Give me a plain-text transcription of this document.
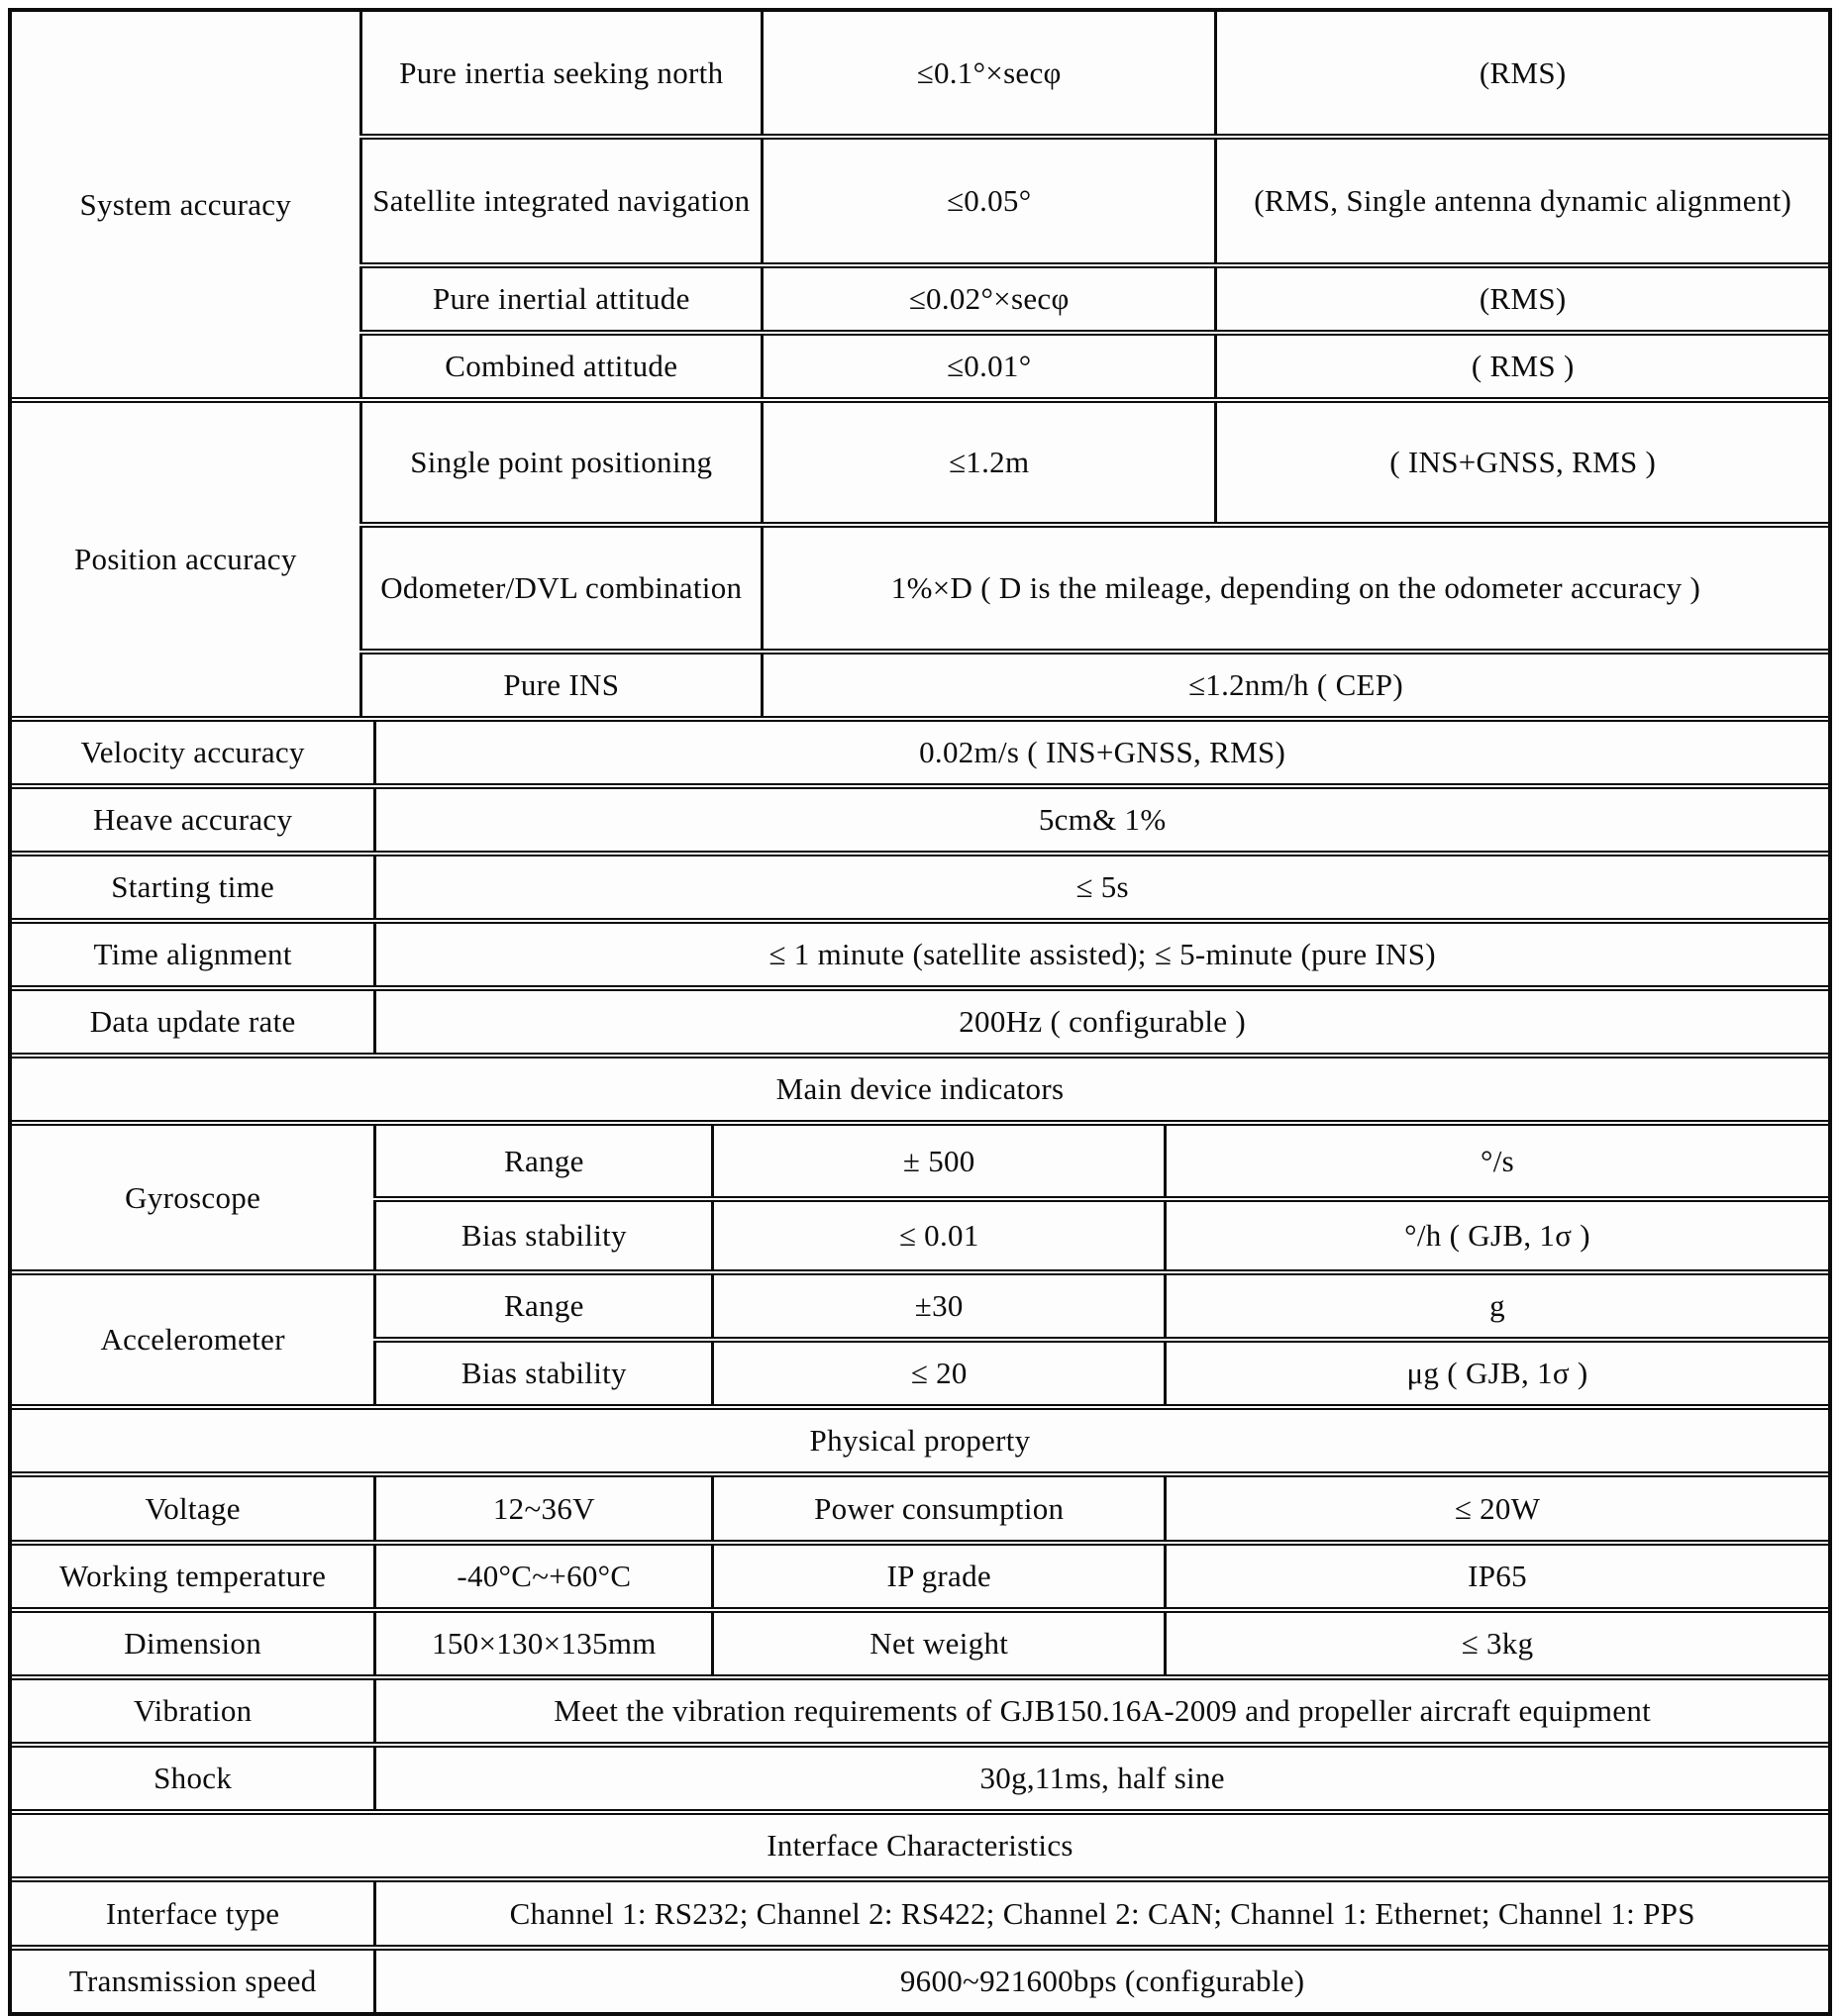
System accuracy	Pure inertia seeking north	≤0.1°×secφ	(RMS)
	Satellite integrated navigation	≤0.05°	(RMS, Single antenna dynamic alignment)
	Pure inertial attitude	≤0.02°×secφ	(RMS)
	Combined attitude	≤0.01°	( RMS )
Position accuracy	Single point positioning	≤1.2m	( INS+GNSS, RMS )
	Odometer/DVL combination	1%×D ( D is the mileage, depending on the odometer accuracy )	
	Pure INS	≤1.2nm/h ( CEP)	
Velocity accuracy	0.02m/s ( INS+GNSS, RMS)
Heave accuracy	5cm& 1%
Starting time	≤ 5s
Time alignment	≤ 1 minute (satellite assisted); ≤ 5-minute (pure INS)
Data update rate	200Hz ( configurable )
Main device indicators
Gyroscope	Range	± 500	°/s
	Bias stability	≤ 0.01	°/h ( GJB, 1σ )
Accelerometer	Range	±30	g
	Bias stability	≤ 20	μg ( GJB, 1σ )
Physical property
Voltage	12~36V	Power consumption	≤ 20W
Working temperature	-40°C~+60°C	IP grade	IP65
Dimension	150×130×135mm	Net weight	≤ 3kg
Vibration	Meet the vibration requirements of GJB150.16A-2009 and propeller aircraft equipment
Shock	30g,11ms, half sine
Interface Characteristics
Interface type	Channel 1: RS232; Channel 2: RS422; Channel 2: CAN; Channel 1: Ethernet; Channel 1: PPS
Transmission speed	9600~921600bps (configurable)
